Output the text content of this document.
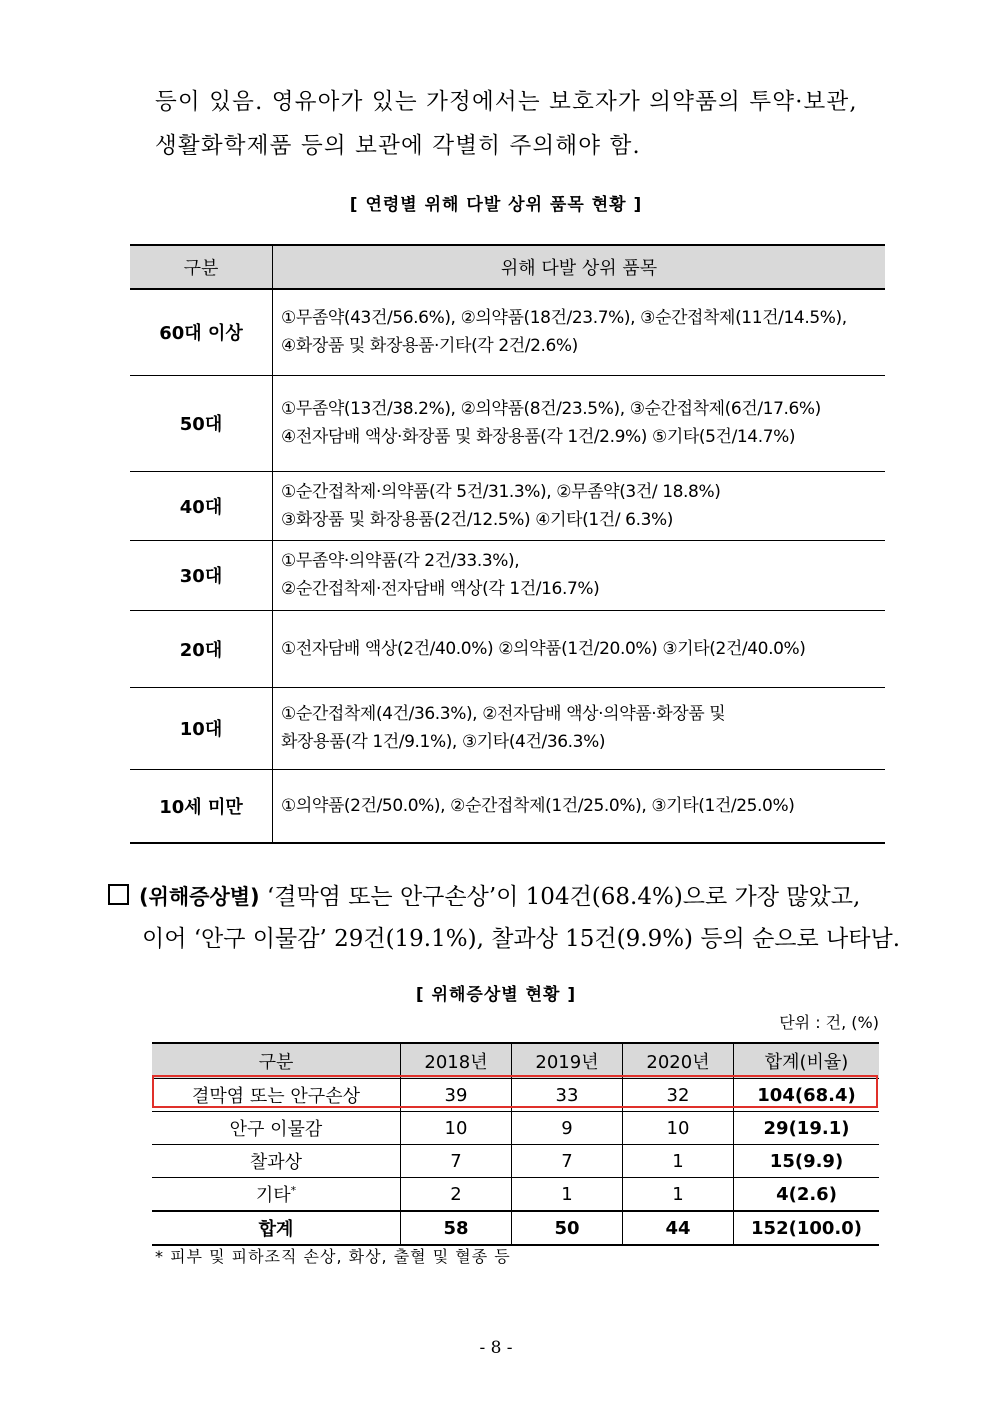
등이 있음. 영유아가 있는 가정에서는 보호자가 의약품의 투약·보관,
생활화학제품 등의 보관에 각별히 주의해야 함.
[ 연령별 위해 다발 상위 품목 현황 ]
구분	위해 다발 상위 품목
60대 이상	①무좀약(43건/56.6%), ②의약품(18건/23.7%), ③순간접착제(11건/14.5%),
④화장품 및 화장용품·기타(각 2건/2.6%)

50대	①무좀약(13건/38.2%), ②의약품(8건/23.5%), ③순간접착제(6건/17.6%)
④전자담배 액상·화장품 및 화장용품(각 1건/2.9%) ⑤기타(5건/14.7%)

40대	①순간접착제·의약품(각 5건/31.3%), ②무좀약(3건/ 18.8%)
③화장품 및 화장용품(2건/12.5%) ④기타(1건/ 6.3%)

30대	①무좀약·의약품(각 2건/33.3%),
②순간접착제·전자담배 액상(각 1건/16.7%)

20대	①전자담배 액상(2건/40.0%) ②의약품(1건/20.0%) ③기타(2건/40.0%)

10대	①순간접착제(4건/36.3%), ②전자담배 액상·의약품·화장품 및
화장용품(각 1건/9.1%), ③기타(4건/36.3%)

10세 미만	①의약품(2건/50.0%), ②순간접착제(1건/25.0%), ③기타(1건/25.0%)
(위해증상별) ‘결막염 또는 안구손상’이 104건(68.4%)으로 가장 많았고,
이어 ‘안구 이물감’ 29건(19.1%), 찰과상 15건(9.9%) 등의 순으로 나타남.
[ 위해증상별 현황 ]
단위 : 건, (%)
구분	2018년	2019년	2020년	합계(비율)
결막염 또는 안구손상	39	33	32	104(68.4)
안구 이물감	10	9	10	29(19.1)
찰과상	7	7	1	15(9.9)
기타*	2	1	1	4(2.6)
합계	58	50	44	152(100.0)
* 피부 및 피하조직 손상, 화상, 출혈 및 혈종 등
- 8 -
